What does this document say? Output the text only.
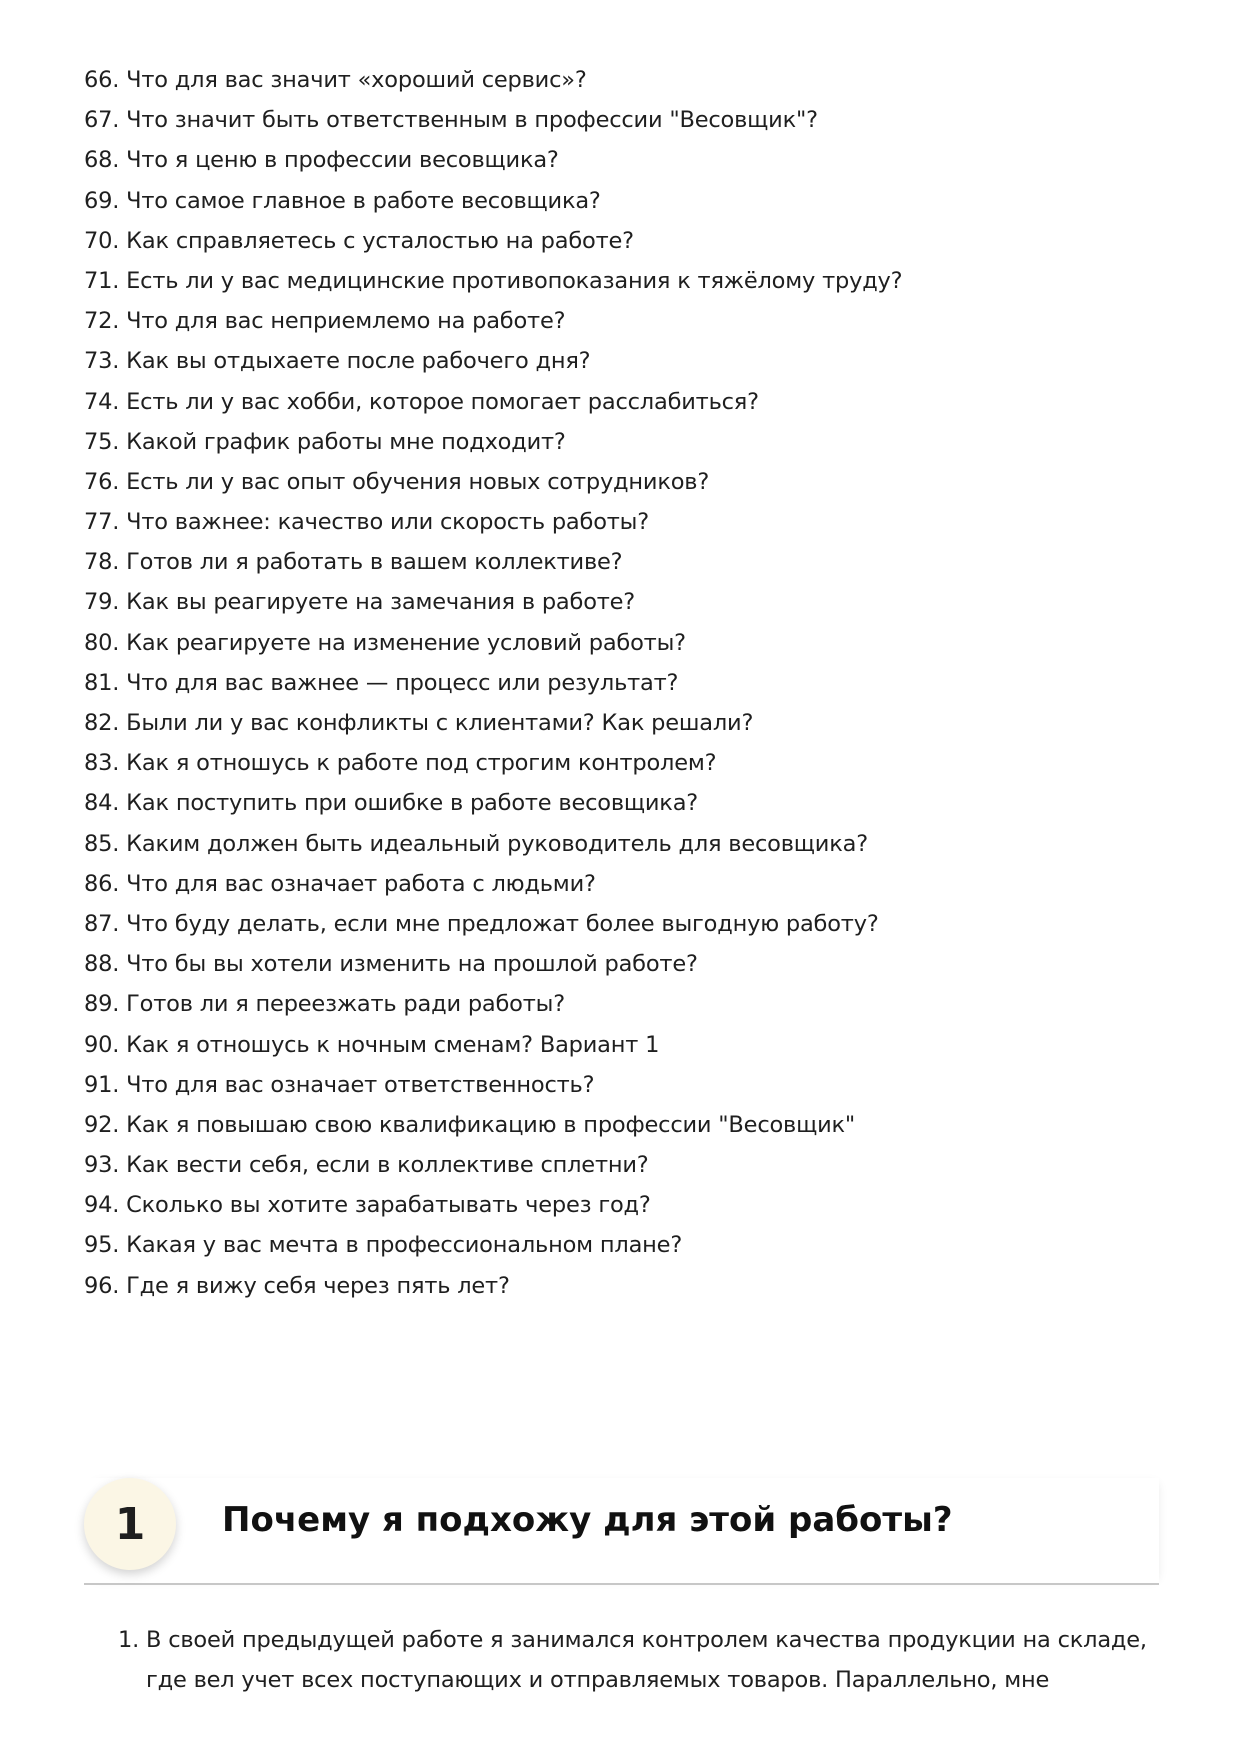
66. Что для вас значит «хороший сервис»?
67. Что значит быть ответственным в профессии "Весовщик"?
68. Что я ценю в профессии весовщика?
69. Что самое главное в работе весовщика?
70. Как справляетесь с усталостью на работе?
71. Есть ли у вас медицинские противопоказания к тяжёлому труду?
72. Что для вас неприемлемо на работе?
73. Как вы отдыхаете после рабочего дня?
74. Есть ли у вас хобби, которое помогает расслабиться?
75. Какой график работы мне подходит?
76. Есть ли у вас опыт обучения новых сотрудников?
77. Что важнее: качество или скорость работы?
78. Готов ли я работать в вашем коллективе?
79. Как вы реагируете на замечания в работе?
80. Как реагируете на изменение условий работы?
81. Что для вас важнее — процесс или результат?
82. Были ли у вас конфликты с клиентами? Как решали?
83. Как я отношусь к работе под строгим контролем?
84. Как поступить при ошибке в работе весовщика?
85. Каким должен быть идеальный руководитель для весовщика?
86. Что для вас означает работа с людьми?
87. Что буду делать, если мне предложат более выгодную работу?
88. Что бы вы хотели изменить на прошлой работе?
89. Готов ли я переезжать ради работы?
90. Как я отношусь к ночным сменам? Вариант 1
91. Что для вас означает ответственность?
92. Как я повышаю свою квалификацию в профессии "Весовщик"
93. Как вести себя, если в коллективе сплетни?
94. Сколько вы хотите зарабатывать через год?
95. Какая у вас мечта в профессиональном плане?
96. Где я вижу себя через пять лет?
1	Почему я подхожу для этой работы?
1. В своей предыдущей работе я занимался контролем качества продукции на складе, где вел учет всех поступающих и отправляемых товаров. Параллельно, мне
